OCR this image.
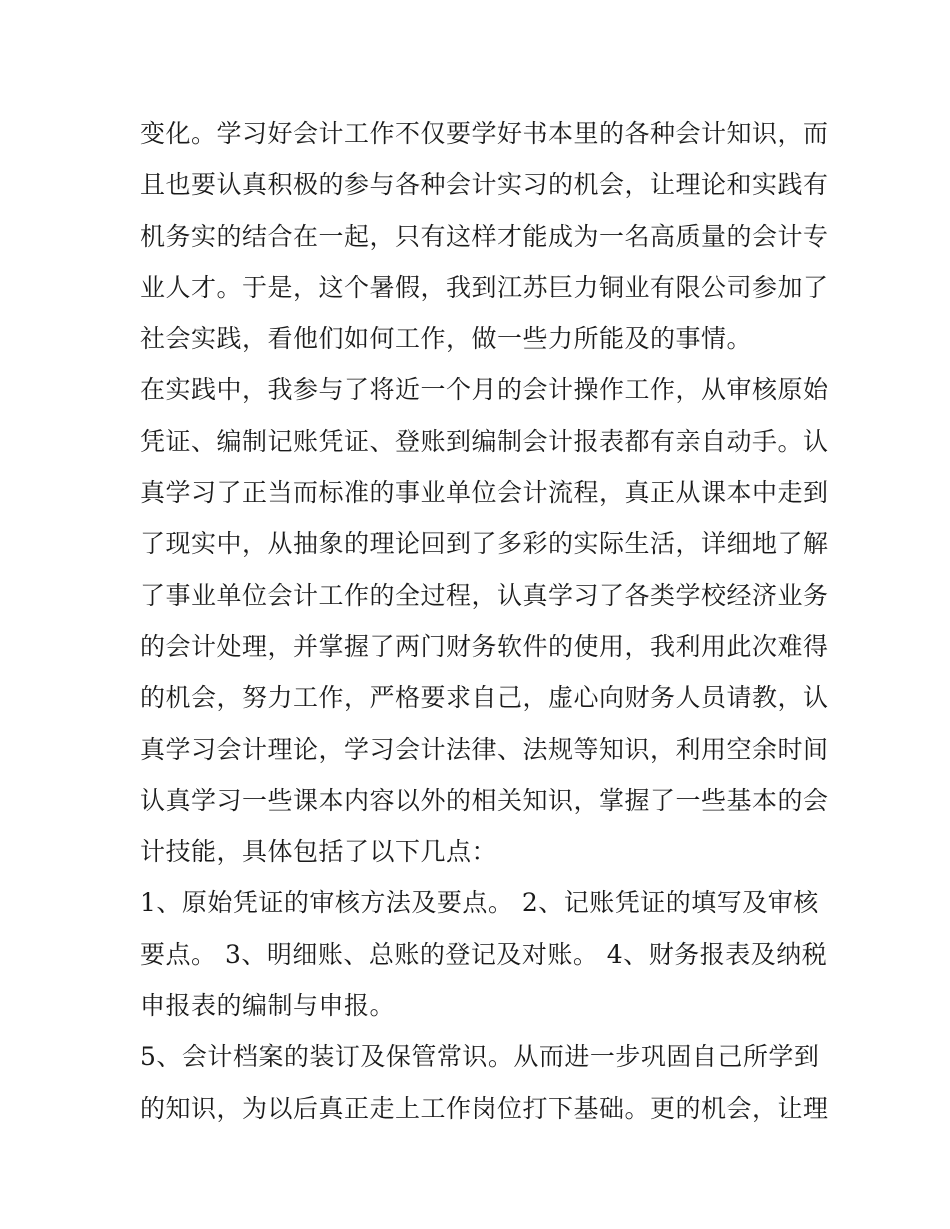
变化。学习好会计工作不仅要学好书本里的各种会计知识，而
且也要认真积极的参与各种会计实习的机会，让理论和实践有
机务实的结合在一起，只有这样才能成为一名高质量的会计专
业人才。于是，这个暑假，我到江苏巨力铜业有限公司参加了
社会实践，看他们如何工作，做一些力所能及的事情。
在实践中，我参与了将近一个月的会计操作工作，从审核原始
凭证、编制记账凭证、登账到编制会计报表都有亲自动手。认
真学习了正当而标准的事业单位会计流程，真正从课本中走到
了现实中，从抽象的理论回到了多彩的实际生活，详细地了解
了事业单位会计工作的全过程，认真学习了各类学校经济业务
的会计处理，并掌握了两门财务软件的使用，我利用此次难得
的机会，努力工作，严格要求自己，虚心向财务人员请教，认
真学习会计理论，学习会计法律、法规等知识，利用空余时间
认真学习一些课本内容以外的相关知识，掌握了一些基本的会
计技能，具体包括了以下几点：
1、原始凭证的审核方法及要点。 2、记账凭证的填写及审核
要点。 3、明细账、总账的登记及对账。 4、财务报表及纳税
申报表的编制与申报。
5、会计档案的装订及保管常识。从而进一步巩固自己所学到
的知识，为以后真正走上工作岗位打下基础。更的机会，让理
